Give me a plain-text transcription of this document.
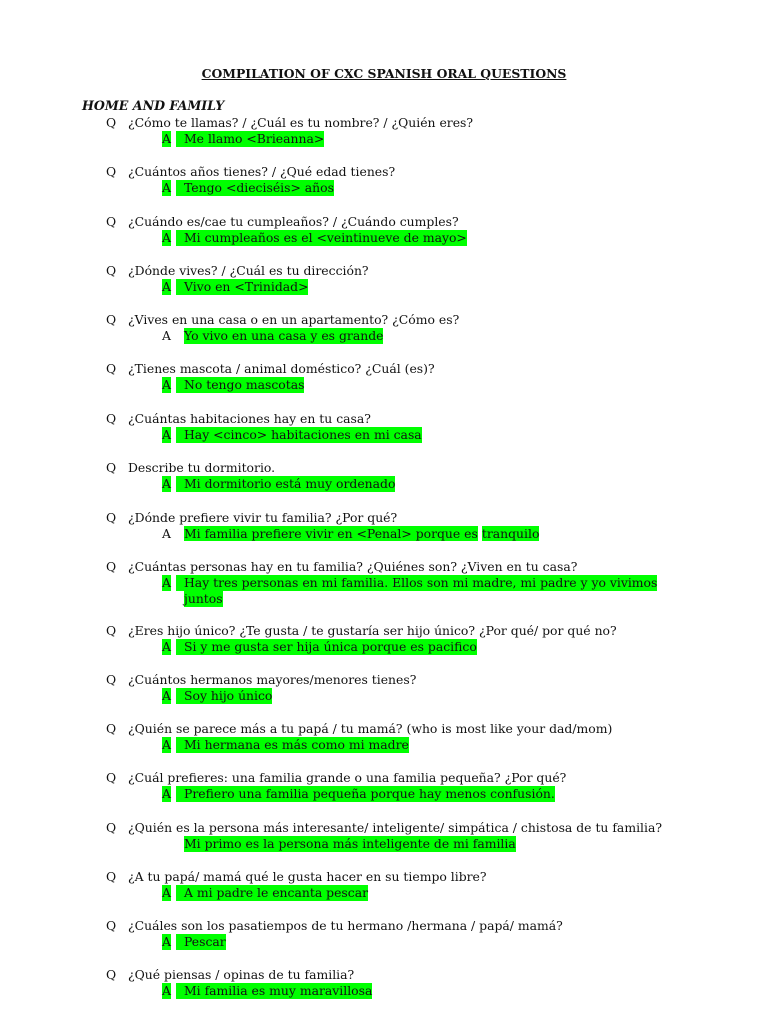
COMPILATION OF CXC SPANISH ORAL QUESTIONS
HOME AND FAMILY
Q ¿Cómo te llamas? / ¿Cuál es tu nombre? / ¿Quién eres?
A	Me llamo <Brieanna>
Q ¿Cuántos años tienes? / ¿Qué edad tienes?
A	Tengo <dieciséis> años
Q ¿Cuándo es/cae tu cumpleaños? / ¿Cuándo cumples?
A	Mi cumpleaños es el <veintinueve de mayo>
Q ¿Dónde vives? / ¿Cuál es tu dirección?
A	Vivo en <Trinidad>
Q ¿Vives en una casa o en un apartamento? ¿Cómo es?
A Yo vivo en una casa y es grande
Q ¿Tienes mascota / animal doméstico? ¿Cuál (es)?
A	No tengo mascotas
Q ¿Cuántas habitaciones hay en tu casa?
A	Hay <cinco> habitaciones en mi casa
Q Describe tu dormitorio.
A	Mi dormitorio está muy ordenado
Q ¿Dónde prefiere vivir tu familia? ¿Por qué?
A Mi familia prefiere vivir en <Penal> porque es tranquilo
Q ¿Cuántas personas hay en tu familia? ¿Quiénes son? ¿Viven en tu casa?
A	Hay tres personas en mi familia. Ellos son mi madre, mi padre y yo vivimos
juntos
Q ¿Eres hijo único? ¿Te gusta / te gustaría ser hijo único? ¿Por qué/ por qué no?
A	Si y me gusta ser hija única porque es pacifico
Q ¿Cuántos hermanos mayores/menores tienes?
A	Soy hijo único
Q ¿Quién se parece más a tu papá / tu mamá? (who is most like your dad/mom)
A	Mi hermana es más como mi madre
Q ¿Cuál prefieres: una familia grande o una familia pequeña? ¿Por qué?
A	Prefiero una familia pequeña porque hay menos confusión.
Q ¿Quién es la persona más interesante/ inteligente/ simpática / chistosa de tu familia?
Mi primo es la persona más inteligente de mi familia
Q ¿A tu papá/ mamá qué le gusta hacer en su tiempo libre?
A	A mi padre le encanta pescar
Q ¿Cuáles son los pasatiempos de tu hermano /hermana / papá/ mamá?
A	Pescar
Q ¿Qué piensas / opinas de tu familia?
A	Mi familia es muy maravillosa
